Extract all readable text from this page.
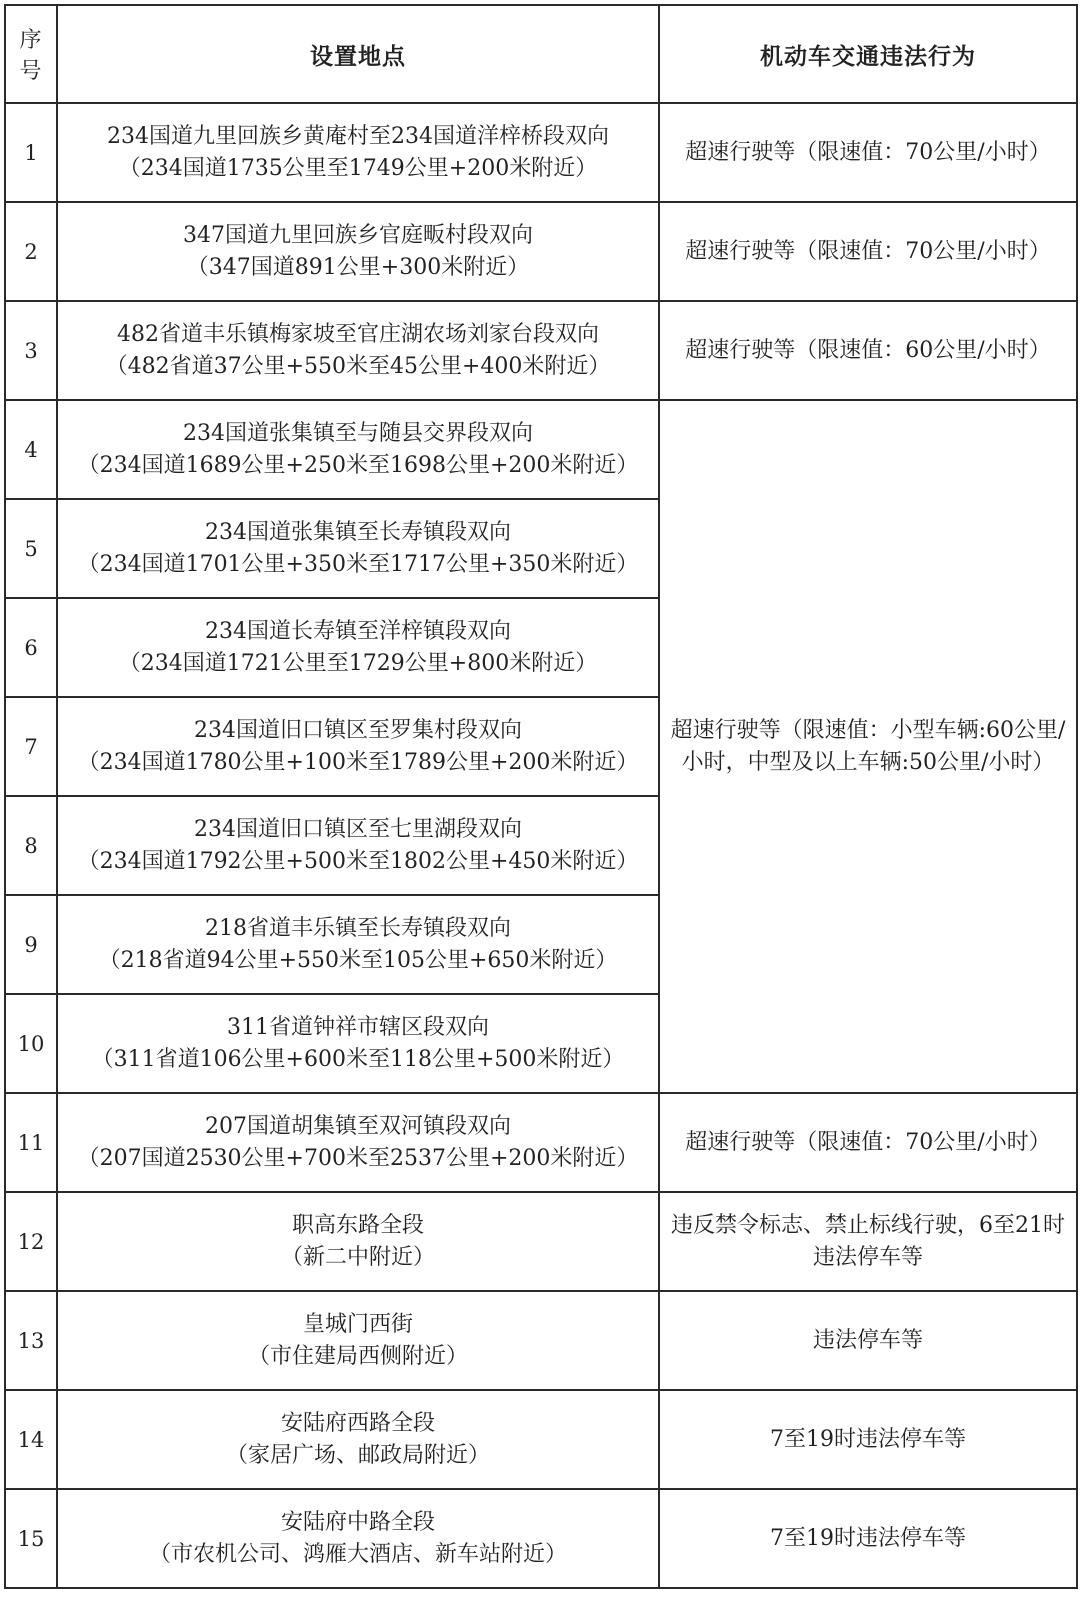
序号	设置地点	机动车交通违法行为
1	234国道九里回族乡黄庵村至234国道洋梓桥段双向
（234国道1735公里至1749公里+200米附近）	超速行驶等（限速值：70公里/小时）
2	347国道九里回族乡官庭畈村段双向
（347国道891公里+300米附近）	超速行驶等（限速值：70公里/小时）
3	482省道丰乐镇梅家坡至官庄湖农场刘家台段双向
（482省道37公里+550米至45公里+400米附近）	超速行驶等（限速值：60公里/小时）
4	234国道张集镇至与随县交界段双向
（234国道1689公里+250米至1698公里+200米附近）	超速行驶等（限速值：小型车辆:60公里/小时，中型及以上车辆:50公里/小时）
5	234国道张集镇至长寿镇段双向
（234国道1701公里+350米至1717公里+350米附近）	

6	234国道长寿镇至洋梓镇段双向
（234国道1721公里至1729公里+800米附近）	

7	234国道旧口镇区至罗集村段双向
（234国道1780公里+100米至1789公里+200米附近）	

8	234国道旧口镇区至七里湖段双向
（234国道1792公里+500米至1802公里+450米附近）	

9	218省道丰乐镇至长寿镇段双向
（218省道94公里+550米至105公里+650米附近）	

10	311省道钟祥市辖区段双向
（311省道106公里+600米至118公里+500米附近）	

11	207国道胡集镇至双河镇段双向
（207国道2530公里+700米至2537公里+200米附近）	超速行驶等（限速值：70公里/小时）
12	职高东路全段
（新二中附近）	违反禁令标志、禁止标线行驶，6至21时违法停车等
13	皇城门西街
（市住建局西侧附近）	违法停车等
14	安陆府西路全段
（家居广场、邮政局附近）	7至19时违法停车等
15	安陆府中路全段
（市农机公司、鸿雁大酒店、新车站附近）	7至19时违法停车等
